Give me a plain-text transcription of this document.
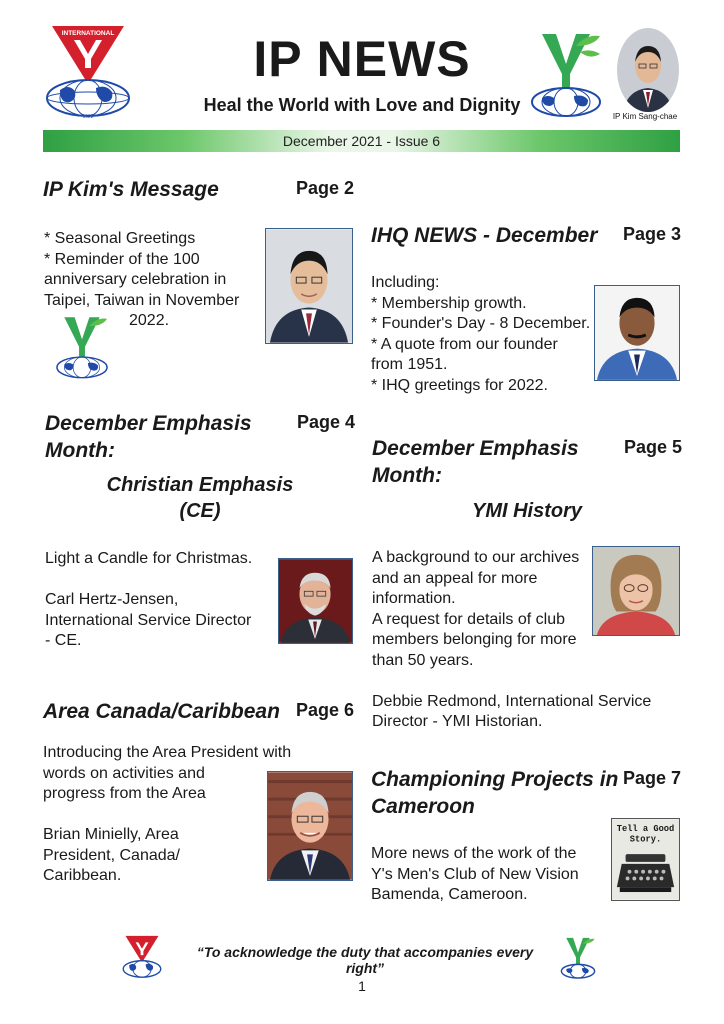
INTERNATIONAL
1922
IP NEWS
Heal the World with Love and Dignity
IP Kim Sang-chae
December 2021 - Issue 6
IP Kim's Message	Page 2
* Seasonal Greetings
* Reminder of the 100
anniversary celebration in
Taipei, Taiwan in November
2022.
IHQ NEWS - December Page 3
Including:
* Membership growth.
* Founder's Day - 8 December.
* A quote from our founder
from 1951.
* IHQ greetings for 2022.
December Emphasis
Month:
Page 4
Christian Emphasis
(CE)
Light a Candle for Christmas.
Carl Hertz-Jensen,
International Service Director
- CE.
December Emphasis
Month:
Page 5
YMI History
A background to our archives
and an appeal for more
information.
A request for details of club
members belonging for more
than 50 years.
Debbie Redmond, International Service
Director - YMI Historian.
Area Canada/Caribbean Page 6
Introducing the Area President with
words on activities and
progress from the Area
Brian Minielly, Area
President, Canada/
Caribbean.
Championing Projects in
Cameroon
Page 7
More news of the work of the
Y's Men's Club of New Vision
Bamenda, Cameroon.
Tell a Good
Story.
“To acknowledge the duty that accompanies every right”
1
